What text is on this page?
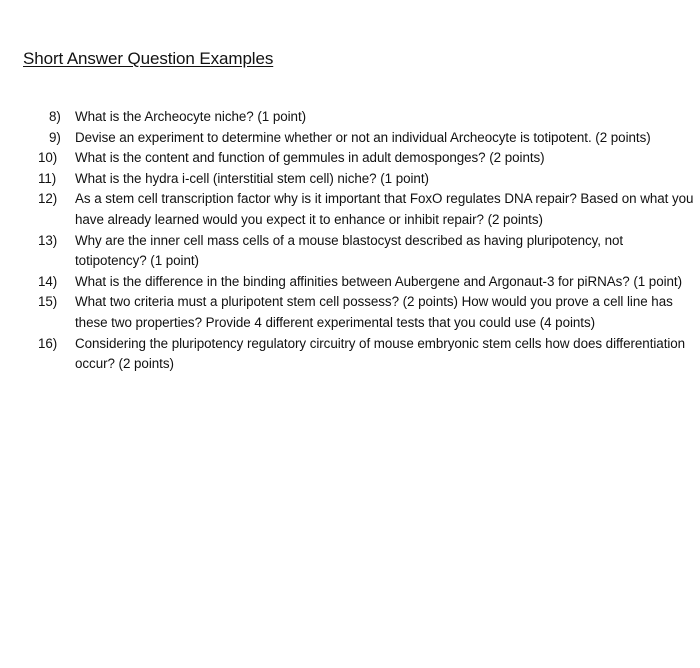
Short Answer Question Examples
8)	What is the Archeocyte niche? (1 point)
9)	Devise an experiment to determine whether or not an individual Archeocyte is totipotent. (2 points)
10)	What is the content and function of gemmules in adult demosponges? (2 points)
11)	What is the hydra i-cell (interstitial stem cell) niche? (1 point)
12)	As a stem cell transcription factor why is it important that FoxO regulates DNA repair? Based on what you have already learned would you expect it to enhance or inhibit repair? (2 points)
13)	Why are the inner cell mass cells of a mouse blastocyst described as having pluripotency, not totipotency? (1 point)
14)	What is the difference in the binding affinities between Aubergene and Argonaut-3 for piRNAs? (1 point)
15)	What two criteria must a pluripotent stem cell possess? (2 points) How would you prove a cell line has these two properties? Provide 4 different experimental tests that you could use (4 points)
16)	Considering the pluripotency regulatory circuitry of mouse embryonic stem cells how does differentiation occur? (2 points)
